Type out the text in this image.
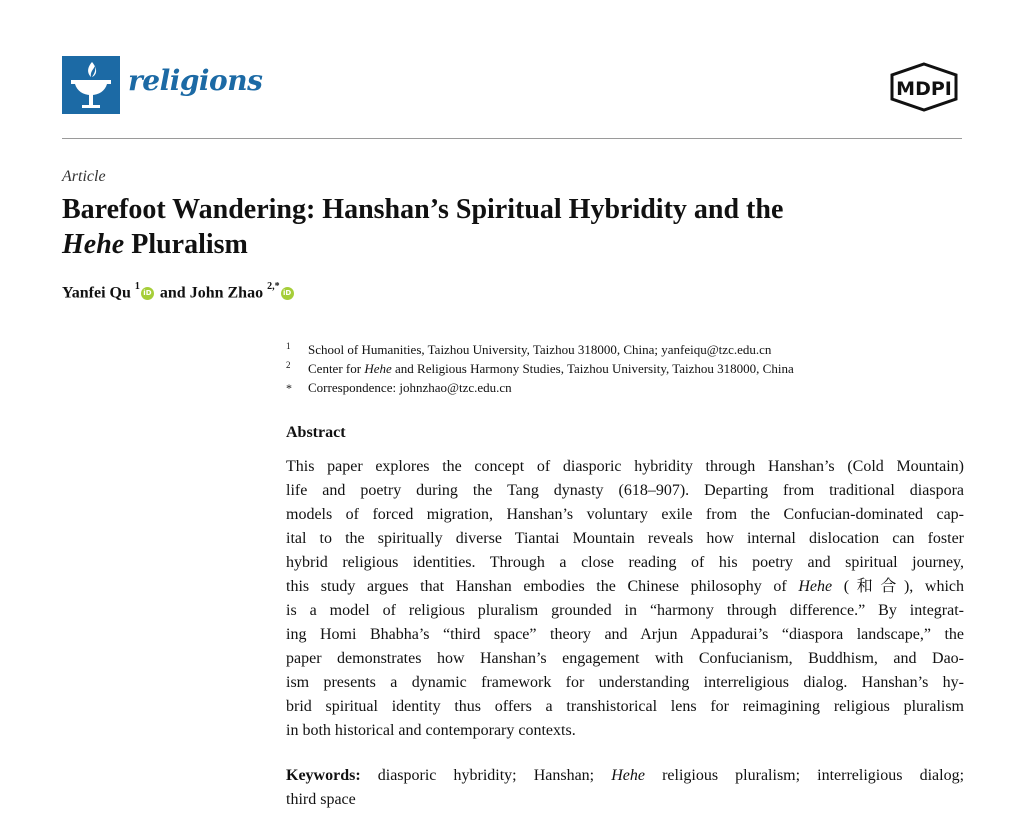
religions	MDPI
Article
Barefoot Wandering: Hanshan’s Spiritual Hybridity and the
Hehe Pluralism
Yanfei Qu $^1$iD and John Zhao $^{2,*}$iD
1 School of Humanities, Taizhou University, Taizhou 318000, China; yanfeiqu@tzc.edu.cn
2 Center for Hehe and Religious Harmony Studies, Taizhou University, Taizhou 318000, China
* Correspondence: johnzhao@tzc.edu.cn
Abstract
This paper explores the concept of diasporic hybridity through Hanshan’s (Cold Mountain)
life and poetry during the Tang dynasty (618–907). Departing from traditional diaspora
models of forced migration, Hanshan’s voluntary exile from the Confucian-dominated cap-
ital to the spiritually diverse Tiantai Mountain reveals how internal dislocation can foster
hybrid religious identities. Through a close reading of his poetry and spiritual journey,
this study argues that Hanshan embodies the Chinese philosophy of Hehe (和合), which
is a model of religious pluralism grounded in “harmony through difference.” By integrat-
ing Homi Bhabha’s “third space” theory and Arjun Appadurai’s “diaspora landscape,” the
paper demonstrates how Hanshan’s engagement with Confucianism, Buddhism, and Dao-
ism presents a dynamic framework for understanding interreligious dialog. Hanshan’s hy-
brid spiritual identity thus offers a transhistorical lens for reimagining religious pluralism
in both historical and contemporary contexts.
Keywords: diasporic hybridity; Hanshan; Hehe religious pluralism; interreligious dialog;
third space
